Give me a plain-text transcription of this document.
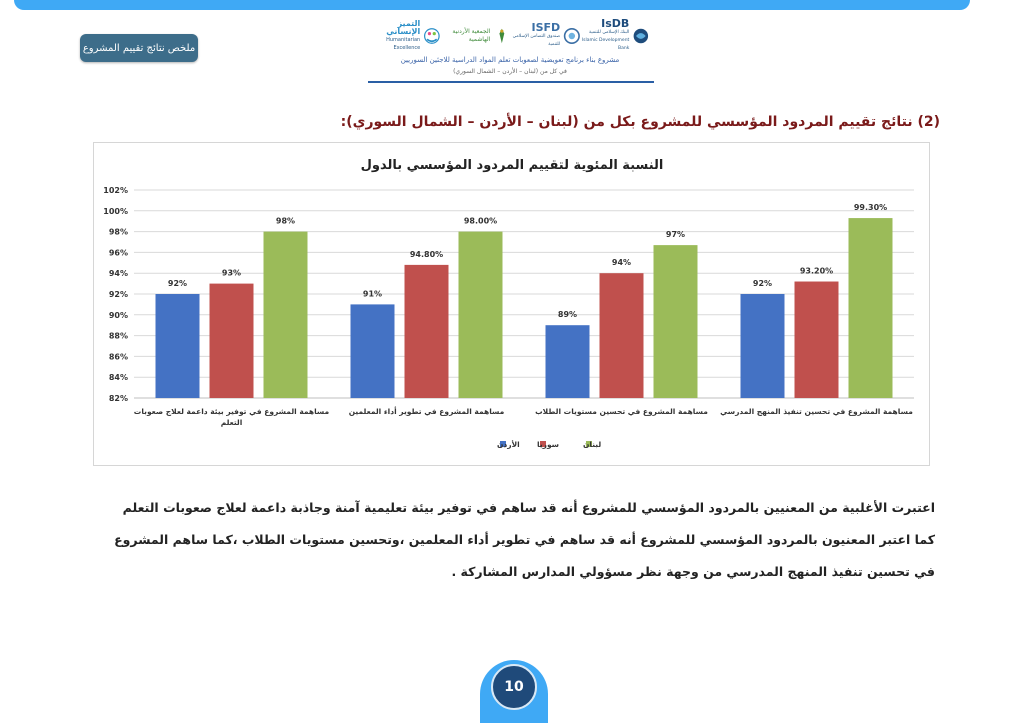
ملخص نتائج تقييم المشروع
التميز الإنساني
Humanitarian Excellence
الجمعية الأردنية الهاشمية
ISFD
صندوق التضامن الإسلامي للتنمية
IsDB
البنك الإسلامي للتنمية
Islamic Development Bank
مشروع بناء برنامج تعويضية لصعوبات تعلم المواد الدراسية للاجئين السوريين
في كل من (لبنان – الأردن – الشمال السوري)
(2) نتائج تقييم المردود المؤسسي للمشروع بكل من (لبنان – الأردن – الشمال السوري):
النسبة المئوية لتقييم المردود المؤسسي بالدول
82%
84%
86%
88%
90%
92%
94%
96%
98%
100%
102%
92%
93%
98%
91%
94.80%
98.00%
89%
94%
97%
92%
93.20%
99.30%
مساهمة المشروع في توفير بيئة داعمة لعلاج صعوبات
التعلم
مساهمة المشروع في تطوير أداء المعلمين	مساهمة المشروع في تحسين مستويات الطلاب مساهمة المشروع في تحسين تنفيذ المنهج المدرسي
الأردن سوريا	لبنان
اعتبرت الأغلبية من المعنيين بالمردود المؤسسي للمشروع أنه قد ساهم في توفير بيئة تعليمية آمنة وجاذبة داعمة لعلاج صعوبات التعلم
كما اعتبر المعنيون بالمردود المؤسسي للمشروع أنه قد ساهم في تطوير أداء المعلمين ،وتحسين مستويات الطلاب ،كما ساهم المشروع
في تحسين تنفيذ المنهج المدرسي من وجهة نظر مسؤولي المدارس المشاركة .
10
